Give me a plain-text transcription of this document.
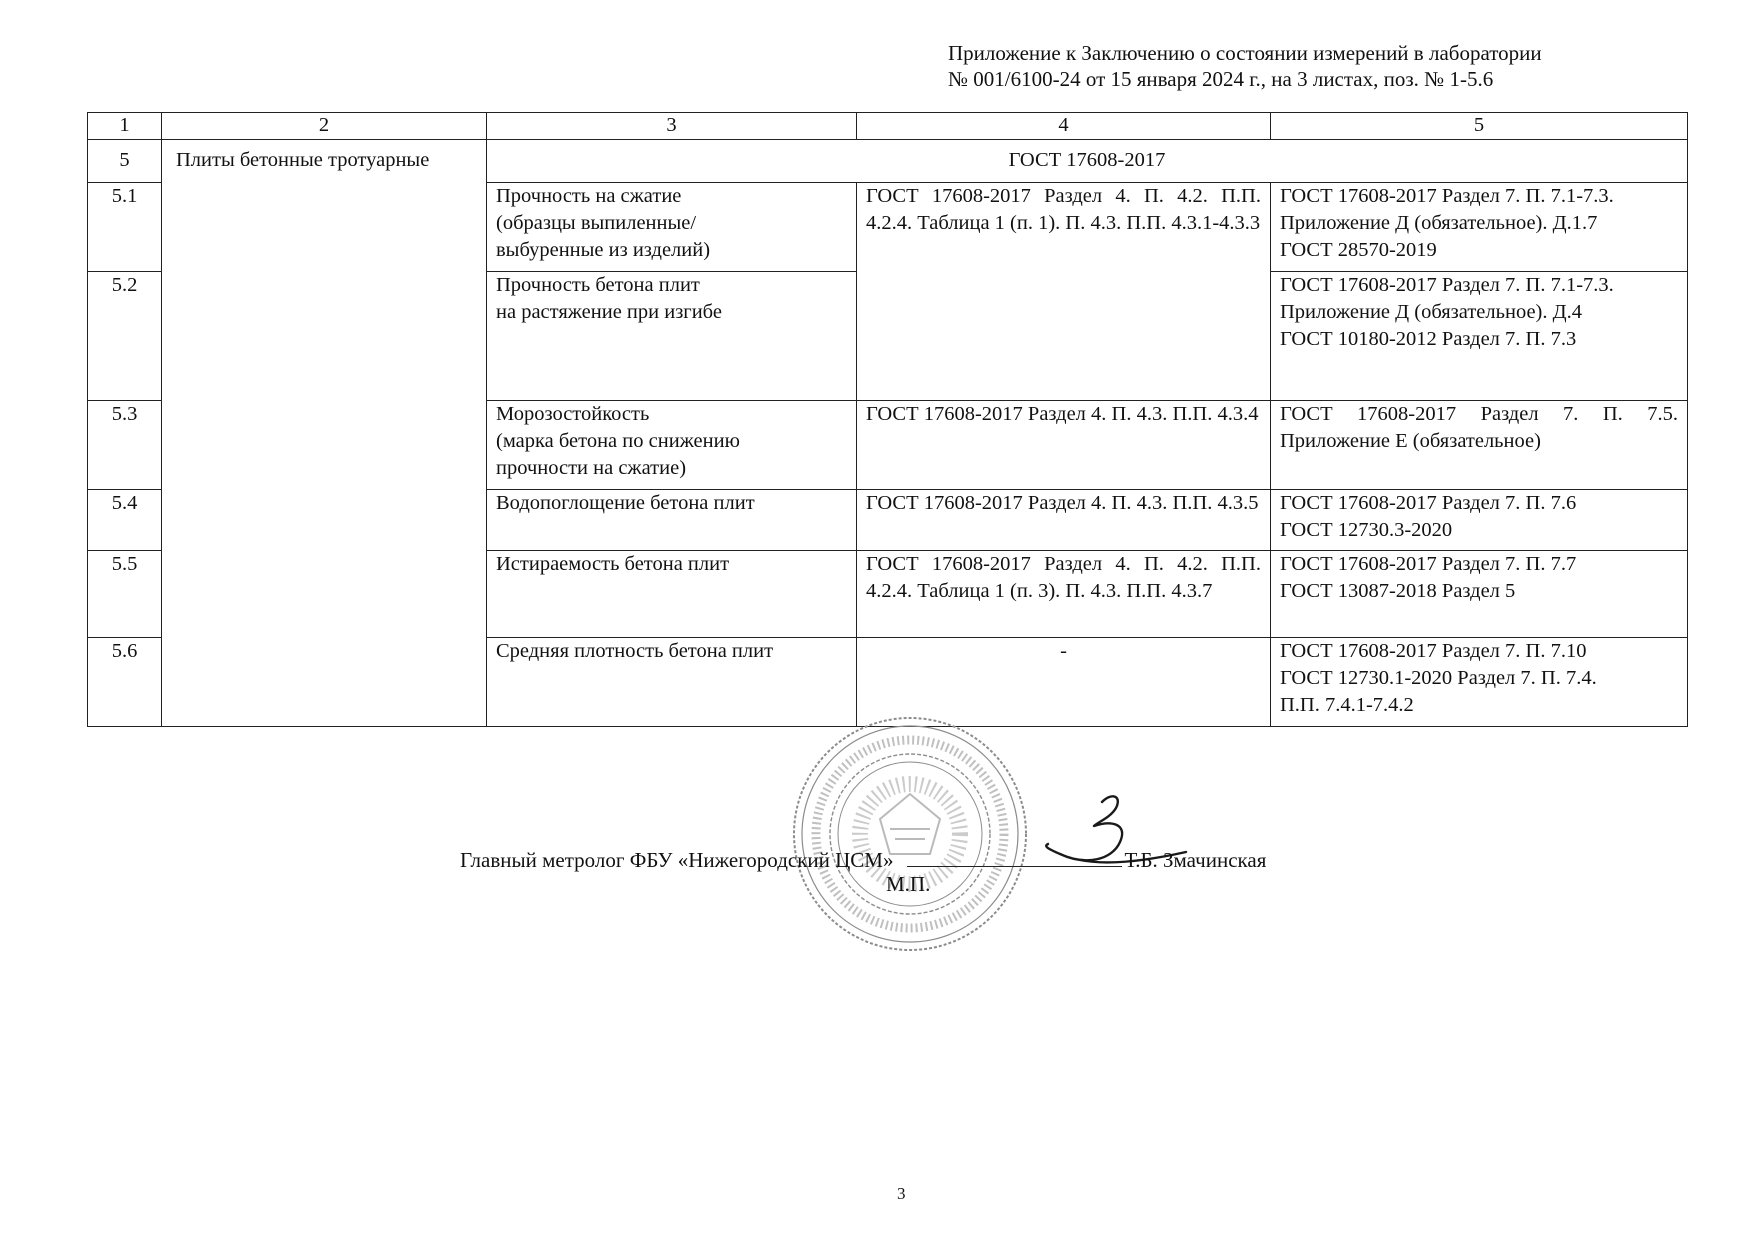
Приложение к Заключению о состоянии измерений в лаборатории
№ 001/6100-24 от 15 января 2024 г., на 3 листах, поз. № 1-5.6
1	2	3	4	5
5	Плиты бетонные тротуарные	ГОСТ 17608-2017		
5.1		Прочность на сжатие
(образцы выпиленные/
выбуренные из изделий)	ГОСТ 17608-2017 Раздел 4. П. 4.2. П.П. 4.2.4. Таблица 1 (п. 1). П. 4.3. П.П. 4.3.1-4.3.3	ГОСТ 17608-2017 Раздел 7. П. 7.1-7.3.
Приложение Д (обязательное). Д.1.7
ГОСТ 28570-2019

5.2		Прочность бетона плит
на растяжение при изгибе		ГОСТ 17608-2017 Раздел 7. П. 7.1-7.3.
Приложение Д (обязательное). Д.4
ГОСТ 10180-2012 Раздел 7. П. 7.3

5.3		Морозостойкость
(марка бетона по снижению
прочности на сжатие)	ГОСТ 17608-2017 Раздел 4. П. 4.3. П.П. 4.3.4	ГОСТ 17608-2017 Раздел 7. П. 7.5. Приложение Е (обязательное)
5.4		Водопоглощение бетона плит	ГОСТ 17608-2017 Раздел 4. П. 4.3. П.П. 4.3.5	ГОСТ 17608-2017 Раздел 7. П. 7.6
ГОСТ 12730.3-2020

5.5		Истираемость бетона плит	ГОСТ 17608-2017 Раздел 4. П. 4.2. П.П. 4.2.4. Таблица 1 (п. 3). П. 4.3. П.П. 4.3.7	ГОСТ 17608-2017 Раздел 7. П. 7.7
ГОСТ 13087-2018 Раздел 5

5.6		Средняя плотность бетона плит	-	ГОСТ 17608-2017 Раздел 7. П. 7.10
ГОСТ 12730.1-2020 Раздел 7. П. 7.4.
П.П. 7.4.1-7.4.2
Главный метролог ФБУ «Нижегородский ЦСМ»	Т.Б. Змачинская
М.П.
3
